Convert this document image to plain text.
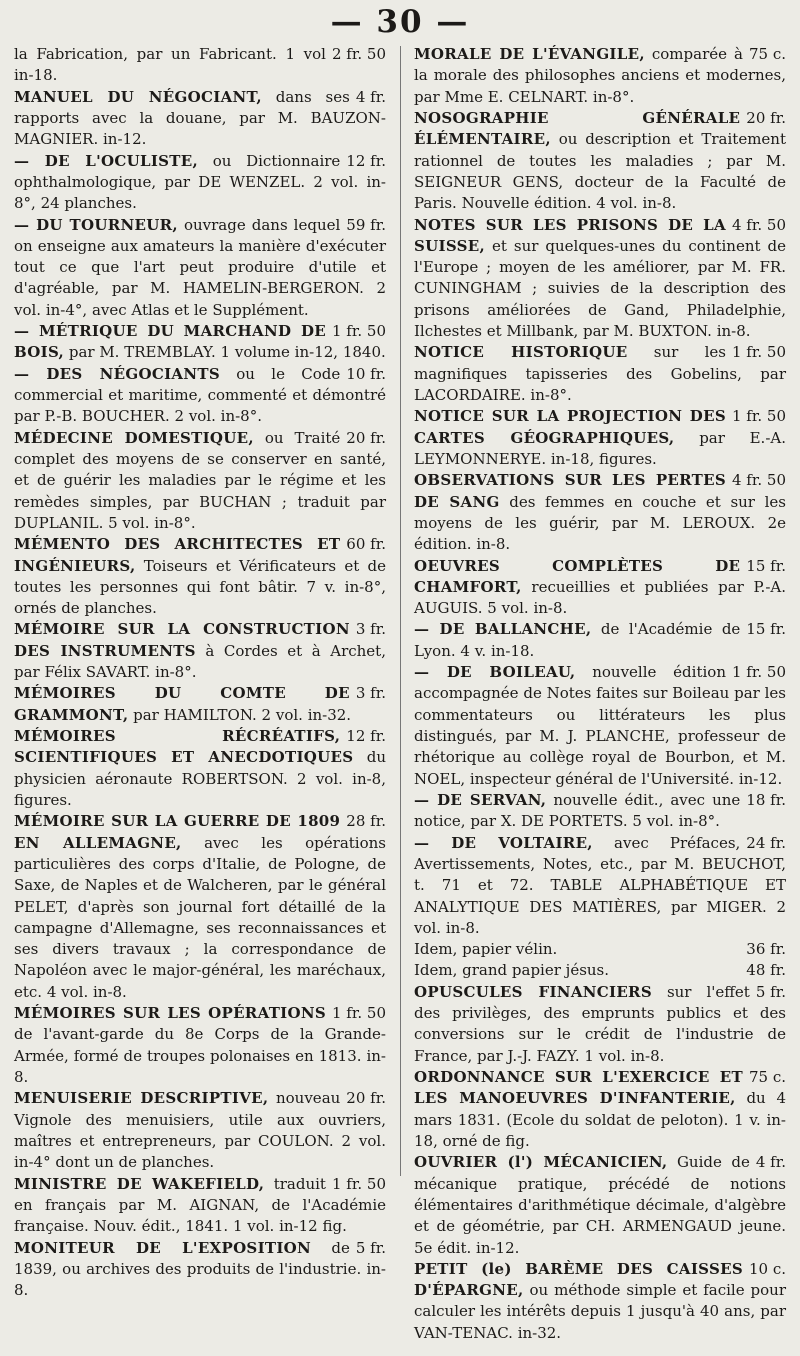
— 30 —

2 fr. 50
la Fabrication, par un Fabricant. 1 vol in-18.

4 fr.
MANUEL DU NÉGOCIANT, dans ses rapports avec la douane, par M. BAUZON-MAGNIER. in-12.

12 fr.
— DE L'OCULISTE, ou Dictionnaire ophthalmologique, par DE WENZEL. 2 vol. in-8°, 24 planches.

59 fr.
— DU TOURNEUR, ouvrage dans lequel on enseigne aux amateurs la manière d'exécuter tout ce que l'art peut produire d'utile et d'agréable, par M. HAMELIN-BERGERON. 2 vol. in-4°, avec Atlas et le Supplément.

1 fr. 50
— MÉTRIQUE DU MARCHAND DE BOIS, par M. TREMBLAY. 1 volume in-12, 1840.

10 fr.
— DES NÉGOCIANTS ou le Code commercial et maritime, commenté et démontré par P.-B. BOUCHER. 2 vol. in-8°.

20 fr.
MÉDECINE DOMESTIQUE, ou Traité complet des moyens de se conserver en santé, et de guérir les maladies par le régime et les remèdes simples, par BUCHAN ; traduit par DUPLANIL. 5 vol. in-8°.

60 fr.
MÉMENTO DES ARCHITECTES ET INGÉNIEURS, Toiseurs et Vérificateurs et de toutes les personnes qui font bâtir. 7 v. in-8°, ornés de planches.

3 fr.
MÉMOIRE SUR LA CONSTRUCTION DES INSTRUMENTS à Cordes et à Archet, par Félix SAVART. in-8°.

3 fr.
MÉMOIRES DU COMTE DE GRAMMONT, par HAMILTON. 2 vol. in-32.

12 fr.
MÉMOIRES RÉCRÉATIFS, SCIENTIFIQUES ET ANECDOTIQUES du physicien aéronaute ROBERTSON. 2 vol. in-8, figures.

28 fr.
MÉMOIRE SUR LA GUERRE DE 1809 EN ALLEMAGNE, avec les opérations particulières des corps d'Italie, de Pologne, de Saxe, de Naples et de Walcheren, par le général PELET, d'après son journal fort détaillé de la campagne d'Allemagne, ses reconnaissances et ses divers travaux ; la correspondance de Napoléon avec le major-général, les maréchaux, etc. 4 vol. in-8.

1 fr. 50
MÉMOIRES SUR LES OPÉRATIONS de l'avant-garde du 8e Corps de la Grande-Armée, formé de troupes polonaises en 1813. in-8.

20 fr.
MENUISERIE DESCRIPTIVE, nouveau Vignole des menuisiers, utile aux ouvriers, maîtres et entrepreneurs, par COULON. 2 vol. in-4° dont un de planches.

1 fr. 50
MINISTRE DE WAKEFIELD, traduit en français par M. AIGNAN, de l'Académie française. Nouv. édit., 1841. 1 vol. in-12 fig.

5 fr.
MONITEUR DE L'EXPOSITION de 1839, ou archives des produits de l'industrie. in-8.

75 c.
MORALE DE L'ÉVANGILE, comparée à la morale des philosophes anciens et modernes, par Mme E. CELNART. in-8°.

20 fr.
NOSOGRAPHIE GÉNÉRALE ÉLÉMENTAIRE, ou description et Traitement rationnel de toutes les maladies ; par M. SEIGNEUR GENS, docteur de la Faculté de Paris. Nouvelle édition. 4 vol. in-8.

4 fr. 50
NOTES SUR LES PRISONS DE LA SUISSE, et sur quelques-unes du continent de l'Europe ; moyen de les améliorer, par M. FR. CUNINGHAM ; suivies de la description des prisons améliorées de Gand, Philadelphie, Ilchestes et Millbank, par M. BUXTON. in-8.

1 fr. 50
NOTICE HISTORIQUE sur les magnifiques tapisseries des Gobelins, par LACORDAIRE. in-8°.

1 fr. 50
NOTICE SUR LA PROJECTION DES CARTES GÉOGRAPHIQUES, par E.-A. LEYMONNERYE. in-18, figures.

4 fr. 50
OBSERVATIONS SUR LES PERTES DE SANG des femmes en couche et sur les moyens de les guérir, par M. LEROUX. 2e édition. in-8.

15 fr.
OEUVRES COMPLÈTES DE CHAMFORT, recueillies et publiées par P.-A. AUGUIS. 5 vol. in-8.

15 fr.
— DE BALLANCHE, de l'Académie de Lyon. 4 v. in-18.

1 fr. 50
— DE BOILEAU, nouvelle édition accompagnée de Notes faites sur Boileau par les commentateurs ou littérateurs les plus distingués, par M. J. PLANCHE, professeur de rhétorique au collège royal de Bourbon, et M. NOEL, inspecteur général de l'Université. in-12.

18 fr.
— DE SERVAN, nouvelle édit., avec une notice, par X. DE PORTETS. 5 vol. in-8°.

24 fr.
— DE VOLTAIRE, avec Préfaces, Avertissements, Notes, etc., par M. BEUCHOT, t. 71 et 72. TABLE ALPHABÉTIQUE ET ANALYTIQUE DES MATIÈRES, par MIGER. 2 vol. in-8.

36 fr.
Idem, papier vélin.

48 fr.
Idem, grand papier jésus.

5 fr.
OPUSCULES FINANCIERS sur l'effet des privilèges, des emprunts publics et des conversions sur le crédit de l'industrie de France, par J.-J. FAZY. 1 vol. in-8.

75 c.
ORDONNANCE SUR L'EXERCICE ET LES MANOEUVRES D'INFANTERIE, du 4 mars 1831. (Ecole du soldat de peloton). 1 v. in-18, orné de fig.

4 fr.
OUVRIER (l') MÉCANICIEN, Guide de mécanique pratique, précédé de notions élémentaires d'arithmétique décimale, d'algèbre et de géométrie, par CH. ARMENGAUD jeune. 5e édit. in-12.

10 c.
PETIT (le) BARÈME DES CAISSES D'ÉPARGNE, ou méthode simple et facile pour calculer les intérêts depuis 1 jusqu'à 40 ans, par VAN-TENAC. in-32.
